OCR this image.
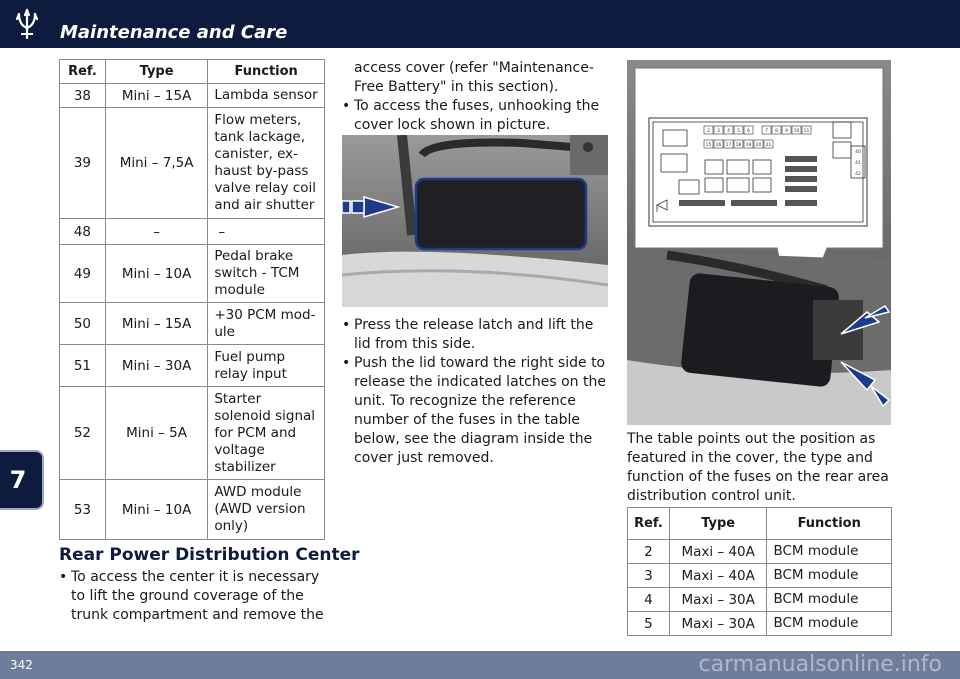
Maintenance and Care
7
Ref.	Type	Function
38	Mini – 15A	Lambda sensor
39	Mini – 7,5A	Flow meters, tank lackage, canister, ex-haust by-pass valve relay coil and air shutter
48	–	–
49	Mini – 10A	Pedal brake switch - TCM module
50	Mini – 15A	+30 PCM mod-ule
51	Mini – 30A	Fuel pump relay input
52	Mini – 5A	Starter solenoid signal for PCM and voltage stabilizer
53	Mini – 10A	AWD module (AWD version only)
Rear Power Distribution Center
• To access the center it is necessary to lift the ground coverage of the trunk compartment and remove the
access cover (refer "Maintenance-Free Battery" in this section).
• To access the fuses, unhooking the cover lock shown in picture.
• Press the release latch and lift the lid from this side.
• Push the lid toward the right side to release the indicated latches on the unit. To recognize the reference number of the fuses in the table below, see the diagram inside the cover just removed.
2 3 4 5 6	7 8 9 10 11
15 16 17 18 19 20 21
40
41
42
The table points out the position as featured in the cover, the type and function of the fuses on the rear area distribution control unit.
Ref.	Type	Function
2	Maxi – 40A	BCM module
3	Maxi – 40A	BCM module
4	Maxi – 30A	BCM module
5	Maxi – 30A	BCM module
342	carmanualsonline.info
